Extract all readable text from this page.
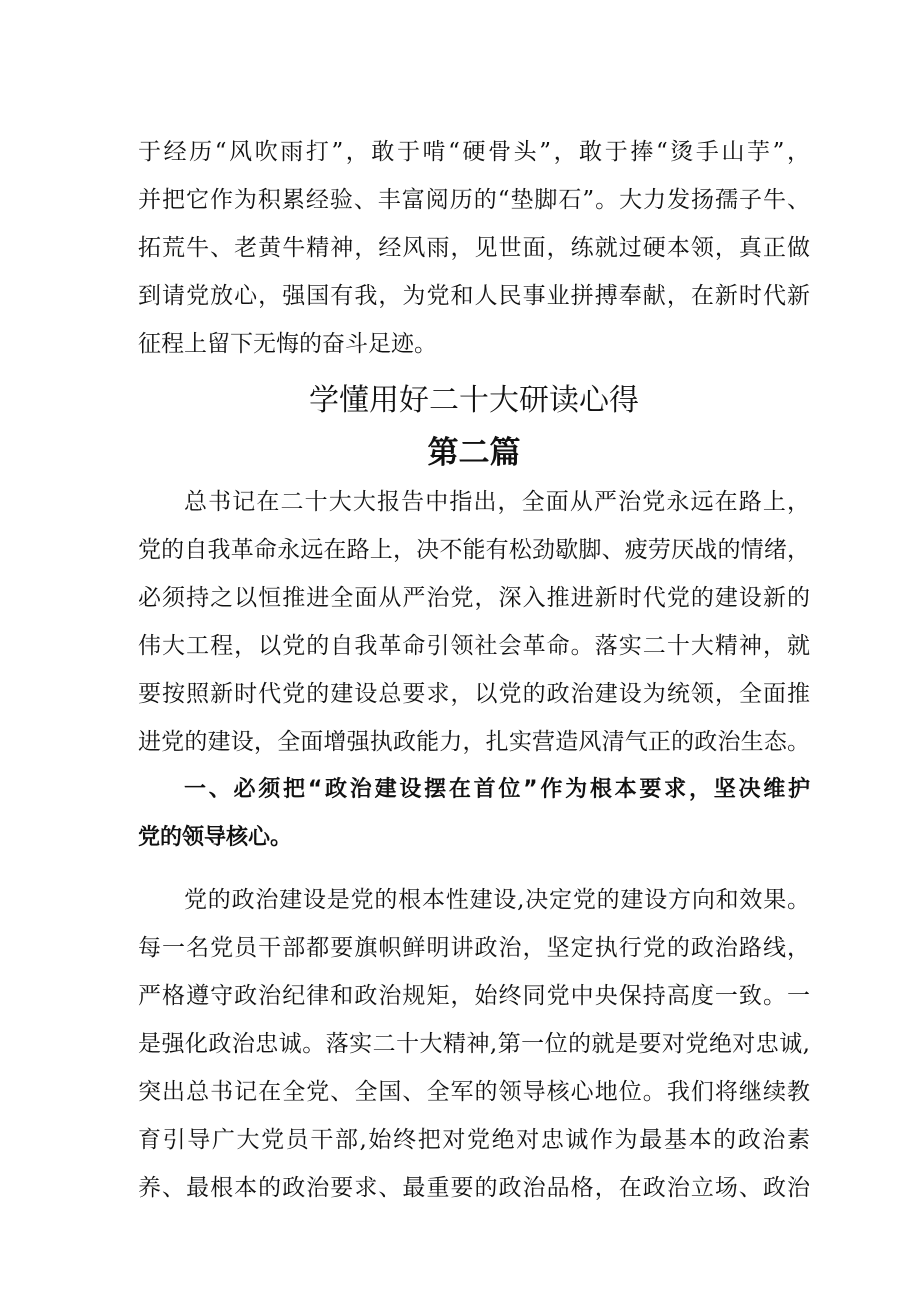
于经历“风吹雨打”，敢于啃“硬骨头”，敢于捧“烫手山芋”，
并把它作为积累经验、丰富阅历的“垫脚石”。大力发扬孺子牛、
拓荒牛、老黄牛精神，经风雨，见世面，练就过硬本领，真正做
到请党放心，强国有我，为党和人民事业拼搏奉献，在新时代新
征程上留下无悔的奋斗足迹。
学懂用好二十大研读心得
第二篇
总书记在二十大大报告中指出，全面从严治党永远在路上，
党的自我革命永远在路上，决不能有松劲歇脚、疲劳厌战的情绪，
必须持之以恒推进全面从严治党，深入推进新时代党的建设新的
伟大工程，以党的自我革命引领社会革命。落实二十大精神，就
要按照新时代党的建设总要求，以党的政治建设为统领，全面推
进党的建设，全面增强执政能力，扎实营造风清气正的政治生态。
一、必须把“政治建设摆在首位”作为根本要求，坚决维护
党的领导核心。
党的政治建设是党的根本性建设,决定党的建设方向和效果。
每一名党员干部都要旗帜鲜明讲政治，坚定执行党的政治路线，
严格遵守政治纪律和政治规矩，始终同党中央保持高度一致。一
是强化政治忠诚。落实二十大精神,第一位的就是要对党绝对忠诚,
突出总书记在全党、全国、全军的领导核心地位。我们将继续教
育引导广大党员干部,始终把对党绝对忠诚作为最基本的政治素
养、最根本的政治要求、最重要的政治品格，在政治立场、政治
